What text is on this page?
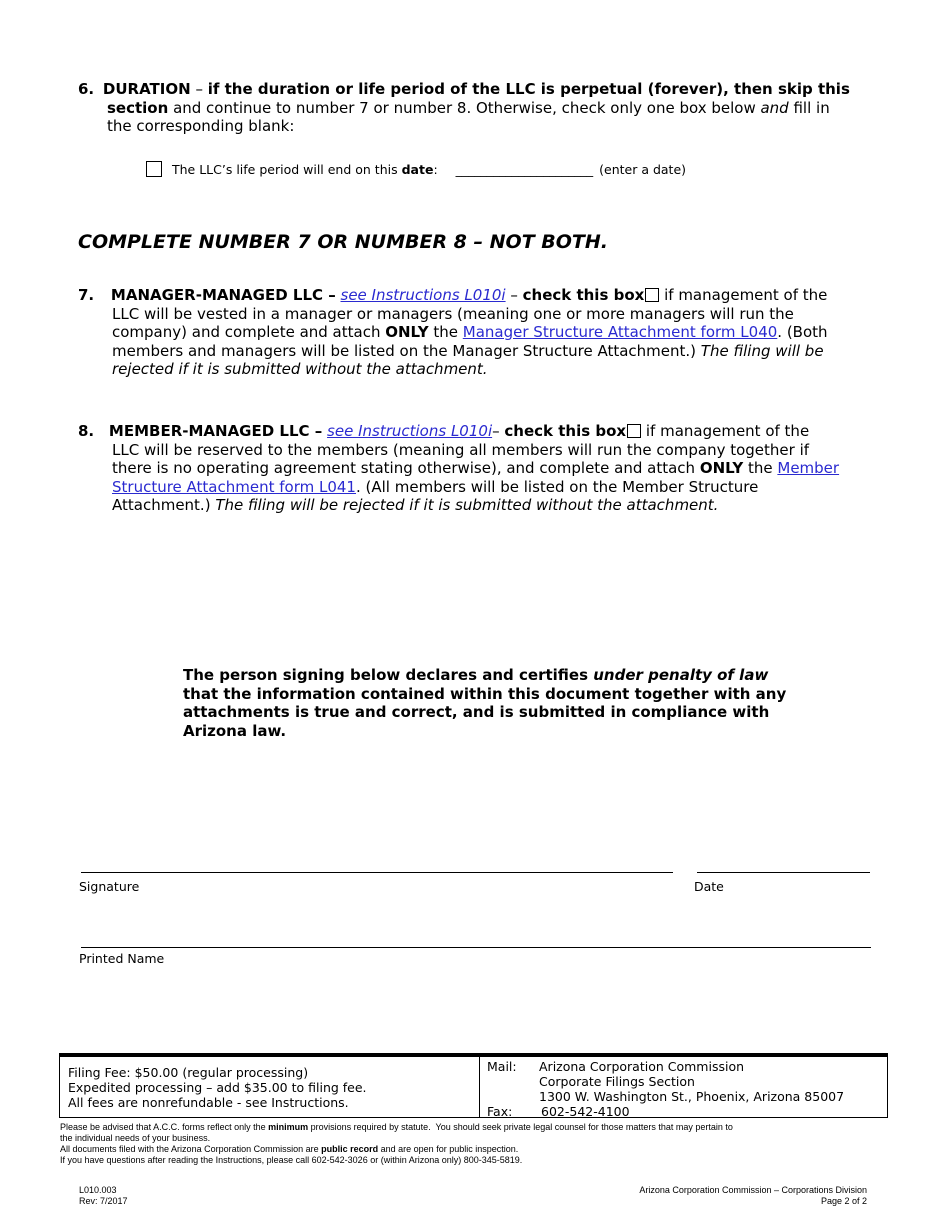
6. DURATION – if the duration or life period of the LLC is perpetual (forever), then skip this
section and continue to number 7 or number 8. Otherwise, check only one box below and fill in
the corresponding blank:
The LLC’s life period will end on this date: ______________________ (enter a date)
COMPLETE NUMBER 7 OR NUMBER 8 – NOT BOTH.
7. MANAGER-MANAGED LLC – see Instructions L010i – check this box if management of the
LLC will be vested in a manager or managers (meaning one or more managers will run the
company) and complete and attach ONLY the Manager Structure Attachment form L040. (Both
members and managers will be listed on the Manager Structure Attachment.) The filing will be
rejected if it is submitted without the attachment.
8. MEMBER-MANAGED LLC – see Instructions L010i– check this box if management of the
LLC will be reserved to the members (meaning all members will run the company together if
there is no operating agreement stating otherwise), and complete and attach ONLY the Member
Structure Attachment form L041. (All members will be listed on the Member Structure
Attachment.) The filing will be rejected if it is submitted without the attachment.
The person signing below declares and certifies under penalty of law
that the information contained within this document together with any
attachments is true and correct, and is submitted in compliance with
Arizona law.
Signature	Date
Printed Name
Filing Fee: $50.00 (regular processing)
Expedited processing – add $35.00 to filing fee.
All fees are nonrefundable - see Instructions.
Mail: Arizona Corporation Commission
Corporate Filings Section
1300 W. Washington St., Phoenix, Arizona 85007
Fax: 602-542-4100
Please be advised that A.C.C. forms reflect only the minimum provisions required by statute.  You should seek private legal counsel for those matters that may pertain to
the individual needs of your business.
All documents filed with the Arizona Corporation Commission are public record and are open for public inspection.
If you have questions after reading the Instructions, please call 602-542-3026 or (within Arizona only) 800-345-5819.
L010.003
Rev: 7/2017
Arizona Corporation Commission – Corporations Division
Page 2 of 2
